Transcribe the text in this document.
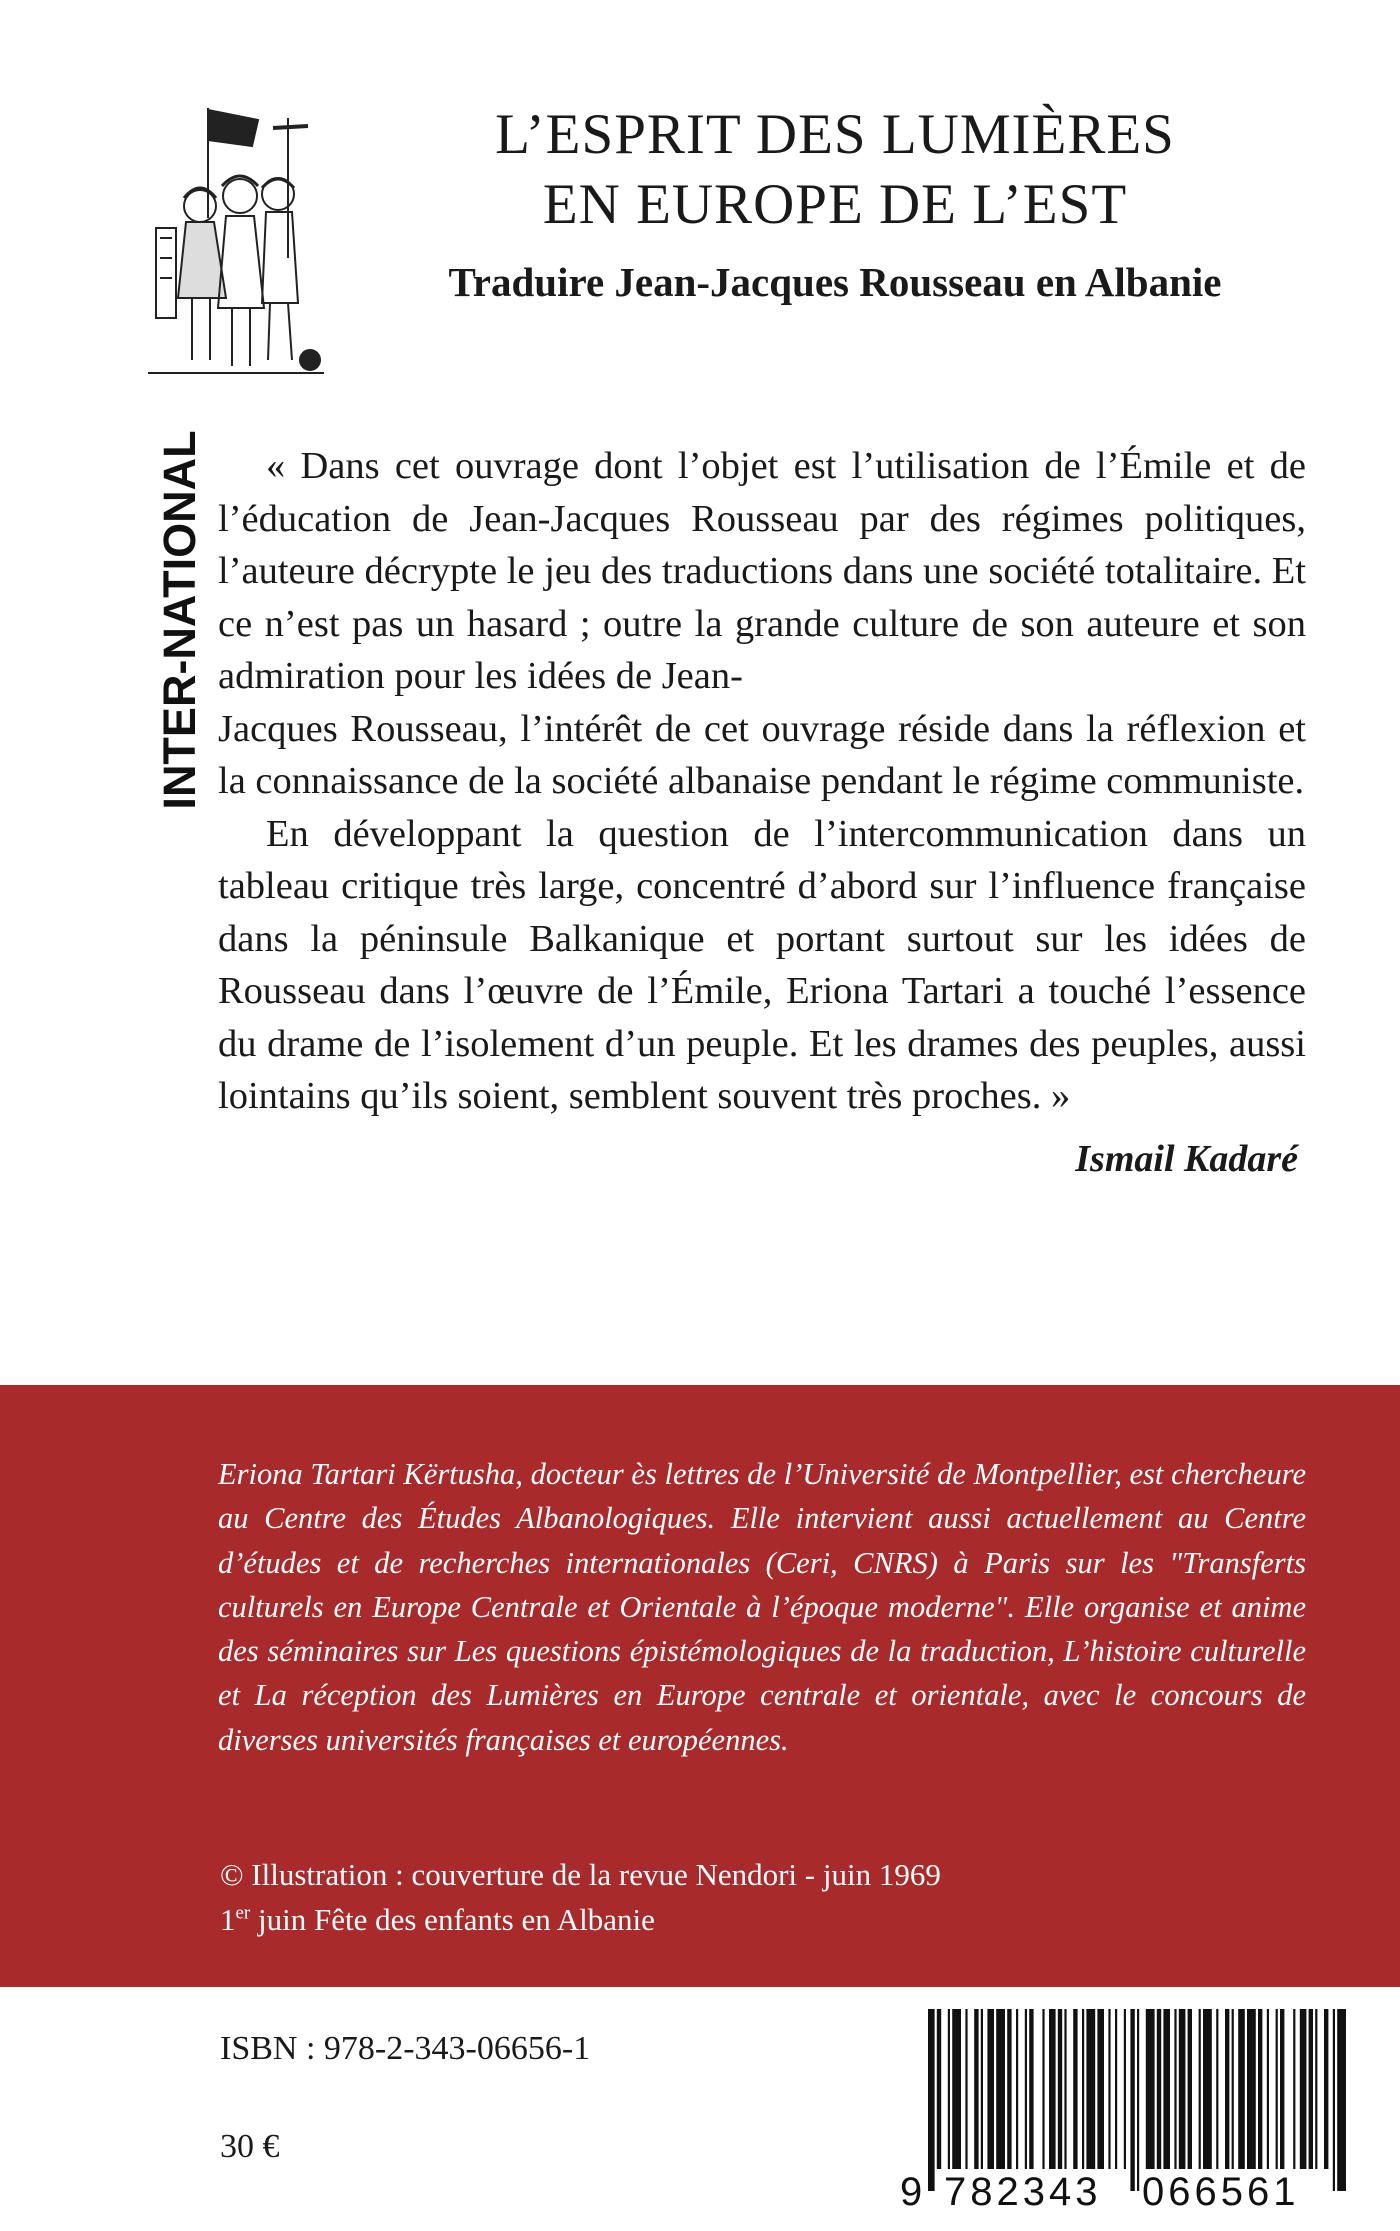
L’ESPRIT DES LUMIÈRES
EN EUROPE DE L’EST
Traduire Jean-Jacques Rousseau en Albanie
INTER-NATIONAL	« Dans cet ouvrage dont l’objet est l’utilisation de l’Émile et de l’éducation de Jean-Jacques Rousseau par des régimes politiques, l’auteure décrypte le jeu des traductions dans une société totalitaire. Et ce n’est pas un hasard ; outre la grande culture de son auteure et son admiration pour les idées de Jean-

Jacques Rousseau, l’intérêt de cet ouvrage réside dans la réflexion et la connaissance de la société albanaise pendant le régime communiste.

En développant la question de l’intercommunication dans un tableau critique très large, concentré d’abord sur l’influence française dans la péninsule Balkanique et portant surtout sur les idées de Rousseau dans l’œuvre de l’Émile, Eriona Tartari a touché l’essence du drame de l’isolement d’un peuple. Et les drames des peuples, aussi lointains qu’ils soient, semblent souvent très proches. »

Ismail Kadaré

Eriona Tartari Kërtusha, docteur ès lettres de l’Université de Montpellier, est chercheure au Centre des Études Albanologiques. Elle intervient aussi actuellement au Centre d’études et de recherches internationales (Ceri, CNRS) à Paris sur les "Transferts culturels en Europe Centrale et Orientale à l’époque moderne". Elle organise et anime des séminaires sur Les questions épistémologiques de la traduction, L’histoire culturelle et La réception des Lumières en Europe centrale et orientale, avec le concours de diverses universités françaises et européennes.

© Illustration : couverture de la revue Nendori - juin 1969
1er juin Fête des enfants en Albanie
ISBN : 978-2-343-06656-1
30 €
9 782343 066561
